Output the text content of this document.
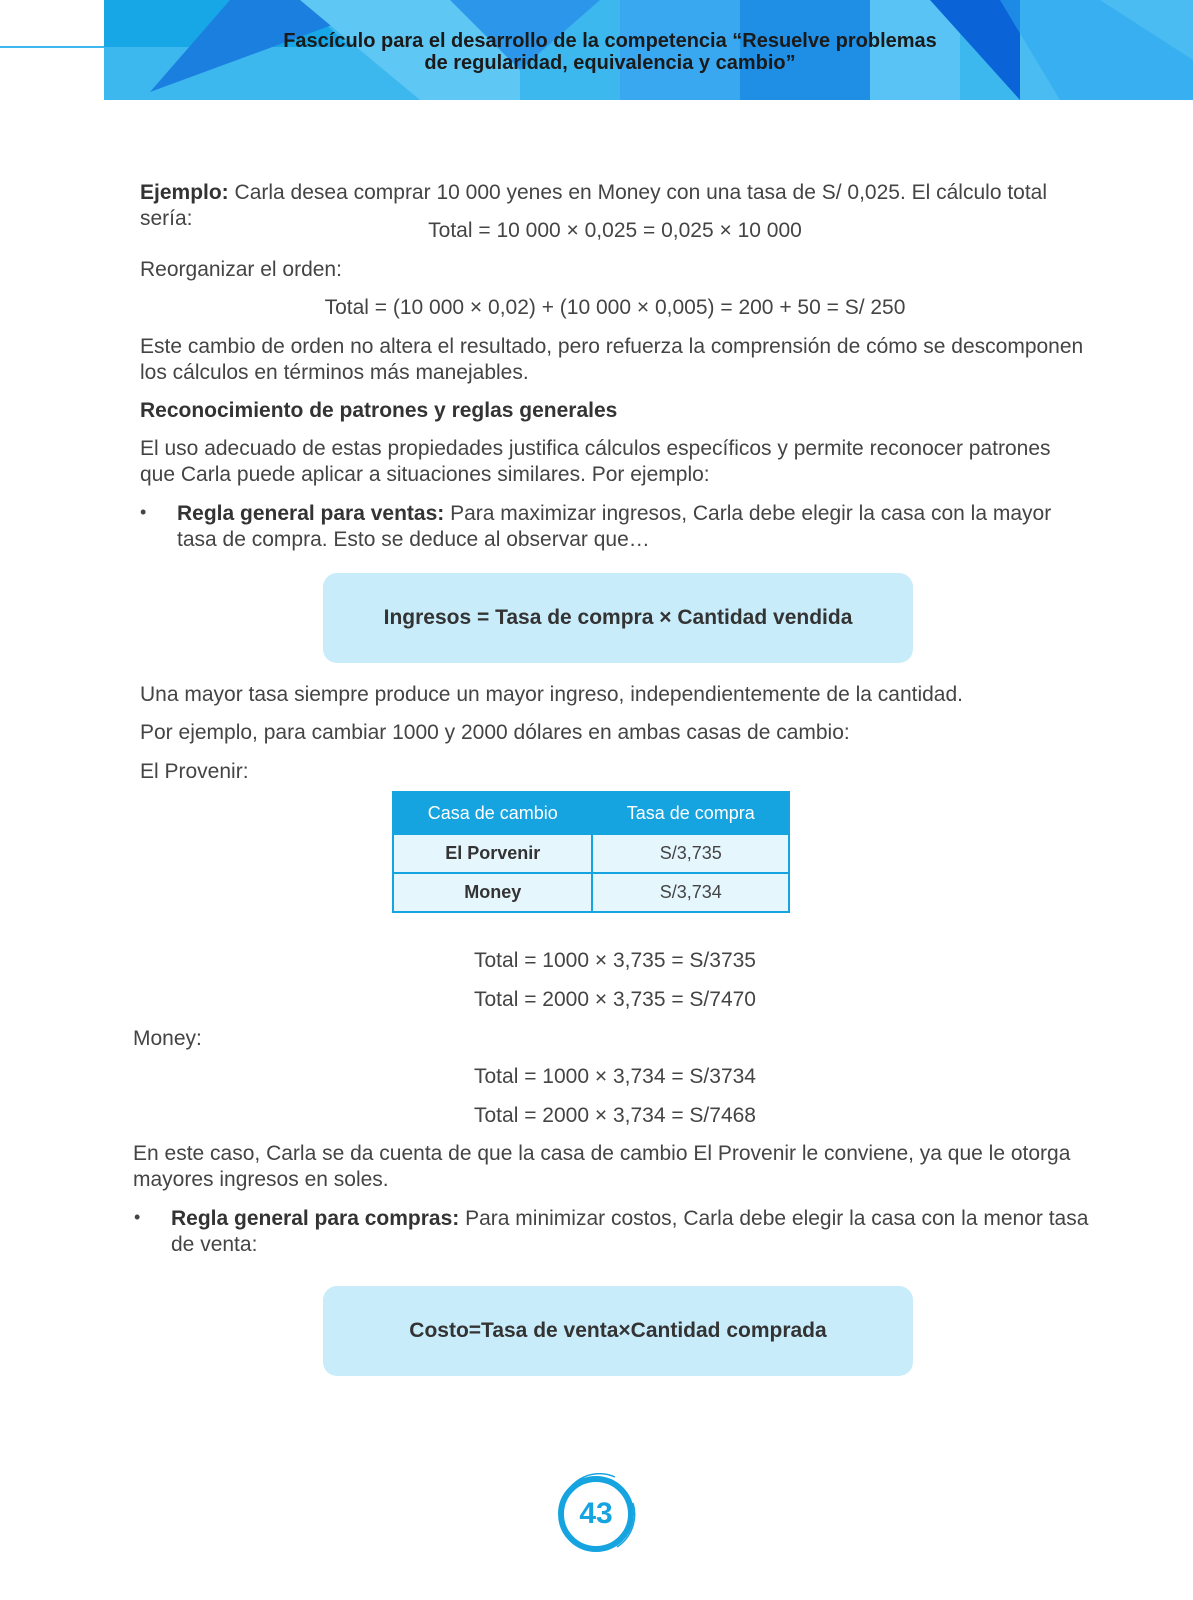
Fascículo para el desarrollo de la competencia “Resuelve problemas
de regularidad, equivalencia y cambio”

Ejemplo: Carla desea comprar 10 000 yenes en Money con una tasa de S/ 0,025. El cálculo total sería:

Total = 10 000 × 0,025 = 0,025 × 10 000

Reorganizar el orden:

Total = (10 000 × 0,02) + (10 000 × 0,005) = 200 + 50 = S/ 250

Este cambio de orden no altera el resultado, pero refuerza la comprensión de cómo se descomponen los cálculos en términos más manejables.

Reconocimiento de patrones y reglas generales

El uso adecuado de estas propiedades justifica cálculos específicos y permite reconocer patrones que Carla puede aplicar a situaciones similares. Por ejemplo:

• Regla general para ventas: Para maximizar ingresos, Carla debe elegir la casa con la mayor tasa de compra. Esto se deduce al observar que…

Ingresos = Tasa de compra × Cantidad vendida

Una mayor tasa siempre produce un mayor ingreso, independientemente de la cantidad.

Por ejemplo, para cambiar 1000 y 2000 dólares en ambas casas de cambio:

El Provenir:

Casa de cambio	Tasa de compra
El Porvenir	S/3,735
Money	S/3,734

Total = 1000 × 3,735 = S/3735

Total = 2000 × 3,735 = S/7470

Money:

Total = 1000 × 3,734 = S/3734

Total = 2000 × 3,734 = S/7468

En este caso, Carla se da cuenta de que la casa de cambio El Provenir le conviene, ya que le otorga mayores ingresos en soles.

• Regla general para compras: Para minimizar costos, Carla debe elegir la casa con la menor tasa de venta:

Costo=Tasa de venta×Cantidad comprada
43
